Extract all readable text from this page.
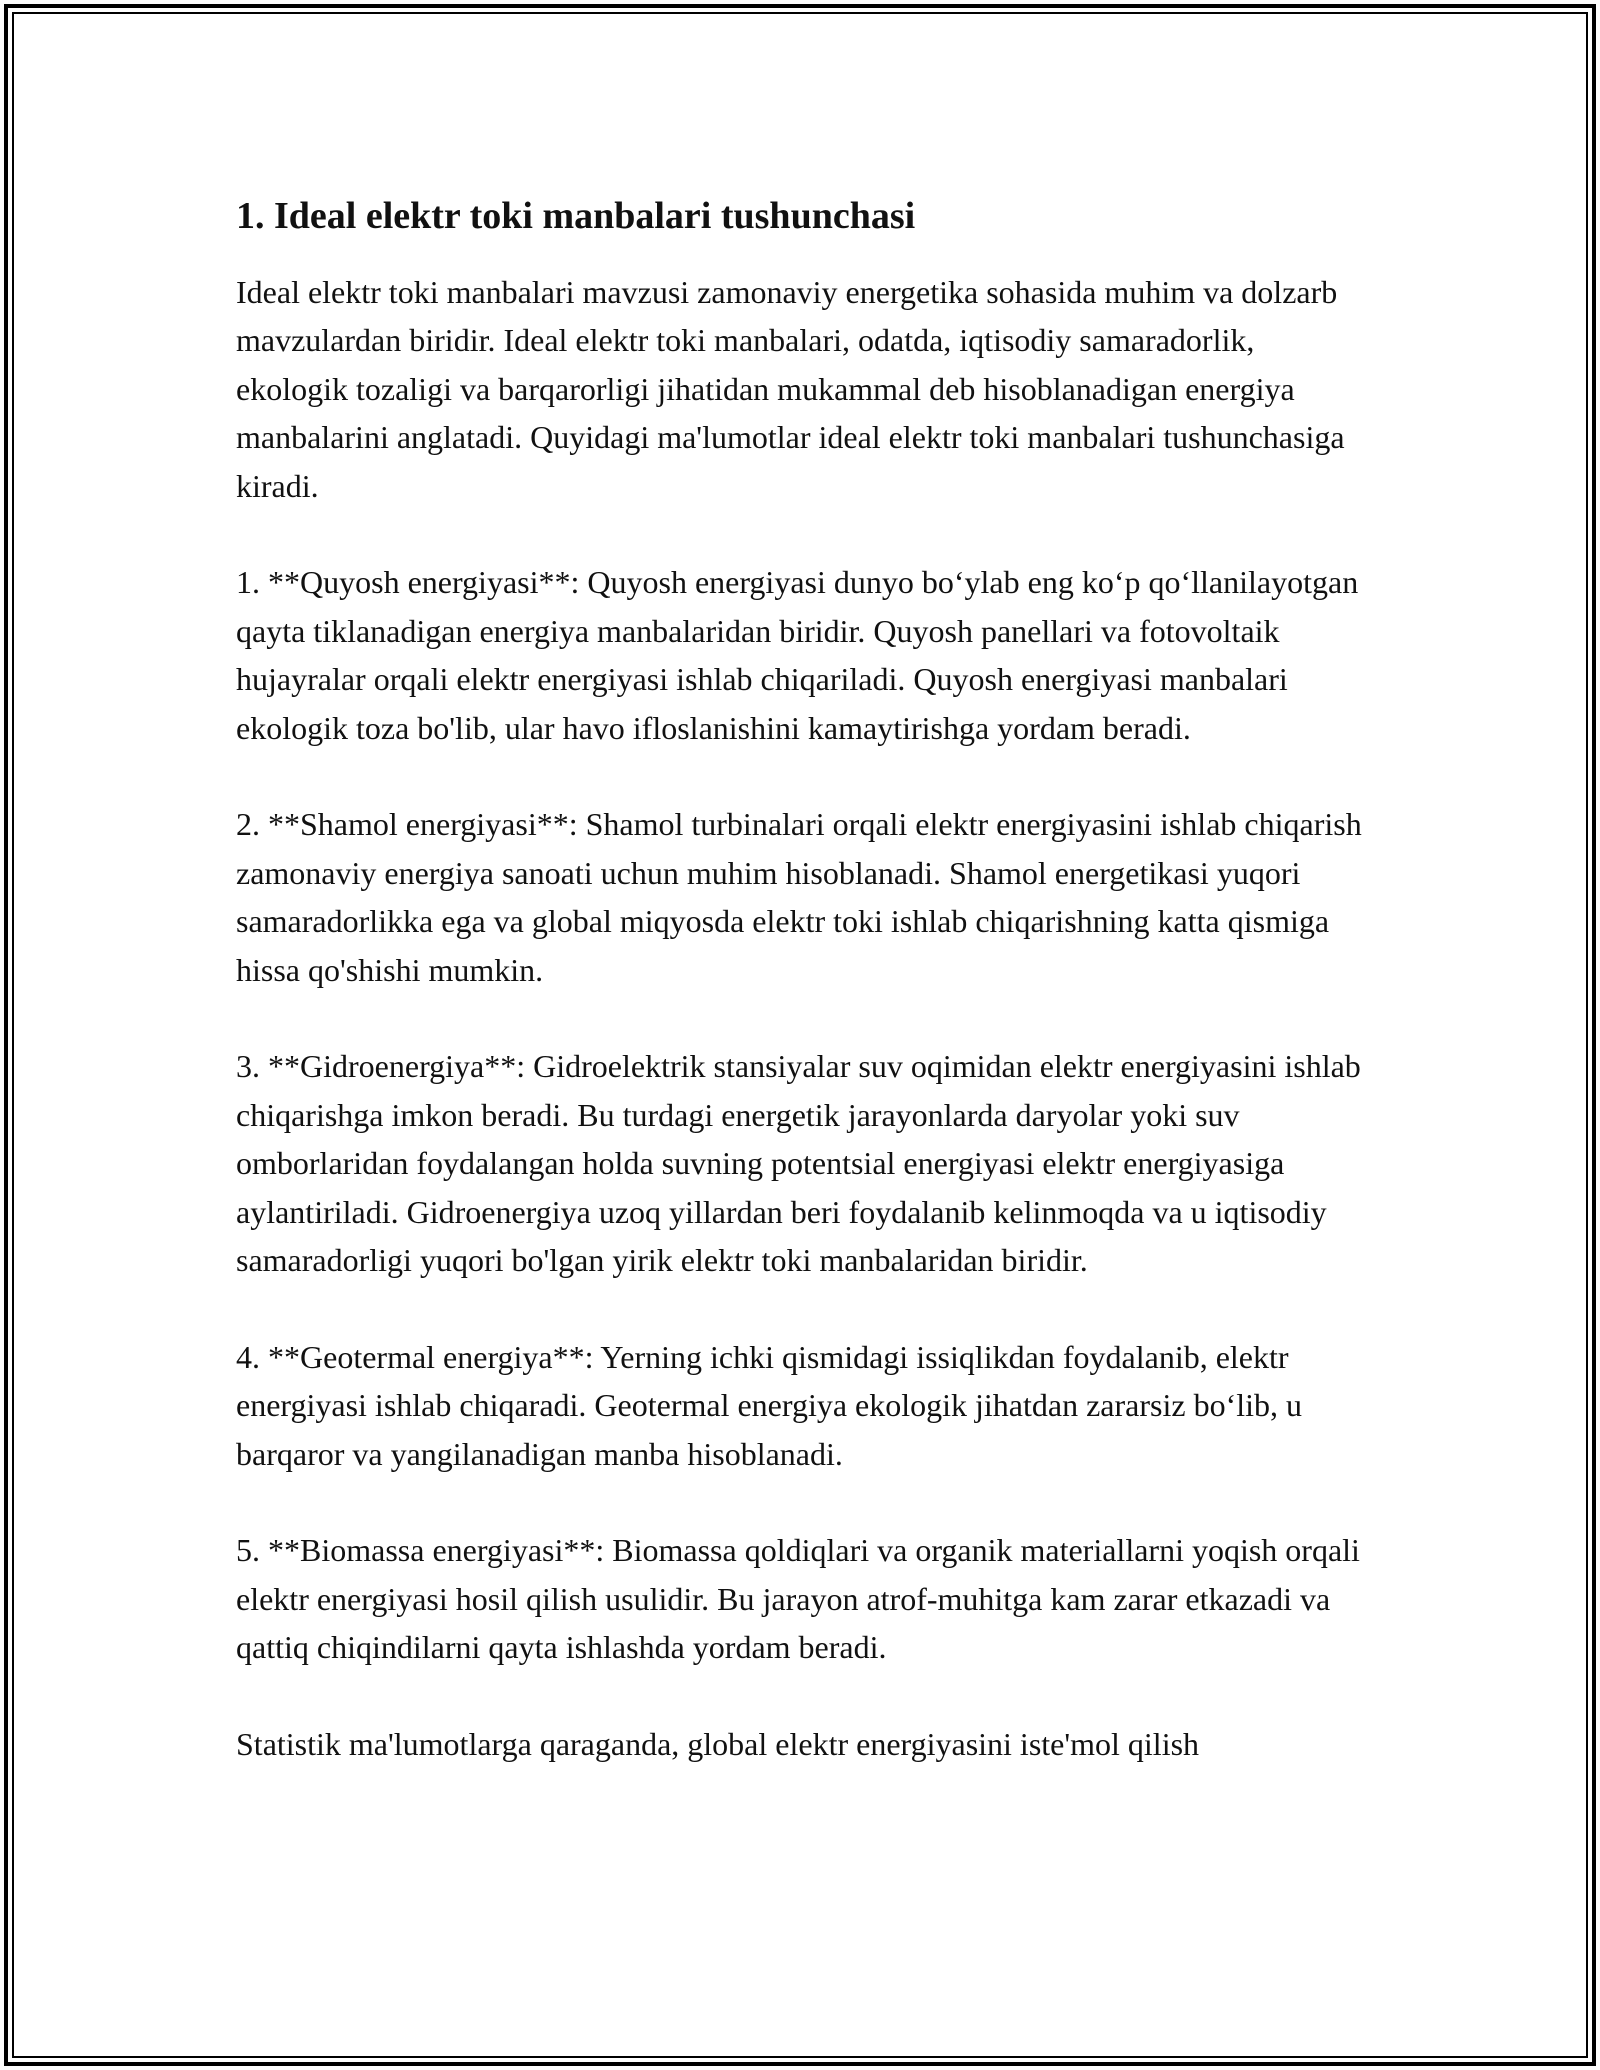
1. Ideal elektr toki manbalari tushunchasi

Ideal elektr toki manbalari mavzusi zamonaviy energetika sohasida muhim va dolzarb mavzulardan biridir. Ideal elektr toki manbalari, odatda, iqtisodiy samaradorlik, ekologik tozaligi va barqarorligi jihatidan mukammal deb hisoblanadigan energiya manbalarini anglatadi. Quyidagi ma'lumotlar ideal elektr toki manbalari tushunchasiga kiradi.

1. **Quyosh energiyasi**: Quyosh energiyasi dunyo bo‘ylab eng ko‘p qo‘llanilayotgan qayta tiklanadigan energiya manbalaridan biridir. Quyosh panellari va fotovoltaik hujayralar orqali elektr energiyasi ishlab chiqariladi. Quyosh energiyasi manbalari ekologik toza bo'lib, ular havo ifloslanishini kamaytirishga yordam beradi.

2. **Shamol energiyasi**: Shamol turbinalari orqali elektr energiyasini ishlab chiqarish zamonaviy energiya sanoati uchun muhim hisoblanadi. Shamol energetikasi yuqori samaradorlikka ega va global miqyosda elektr toki ishlab chiqarishning katta qismiga hissa qo'shishi mumkin.

3. **Gidroenergiya**: Gidroelektrik stansiyalar suv oqimidan elektr energiyasini ishlab chiqarishga imkon beradi. Bu turdagi energetik jarayonlarda daryolar yoki suv omborlaridan foydalangan holda suvning potentsial energiyasi elektr energiyasiga aylantiriladi. Gidroenergiya uzoq yillardan beri foydalanib kelinmoqda va u iqtisodiy samaradorligi yuqori bo'lgan yirik elektr toki manbalaridan biridir.

4. **Geotermal energiya**: Yerning ichki qismidagi issiqlikdan foydalanib, elektr energiyasi ishlab chiqaradi. Geotermal energiya ekologik jihatdan zararsiz bo‘lib, u barqaror va yangilanadigan manba hisoblanadi.

5. **Biomassa energiyasi**: Biomassa qoldiqlari va organik materiallarni yoqish orqali elektr energiyasi hosil qilish usulidir. Bu jarayon atrof-muhitga kam zarar etkazadi va qattiq chiqindilarni qayta ishlashda yordam beradi.

Statistik ma'lumotlarga qaraganda, global elektr energiyasini iste'mol qilish
